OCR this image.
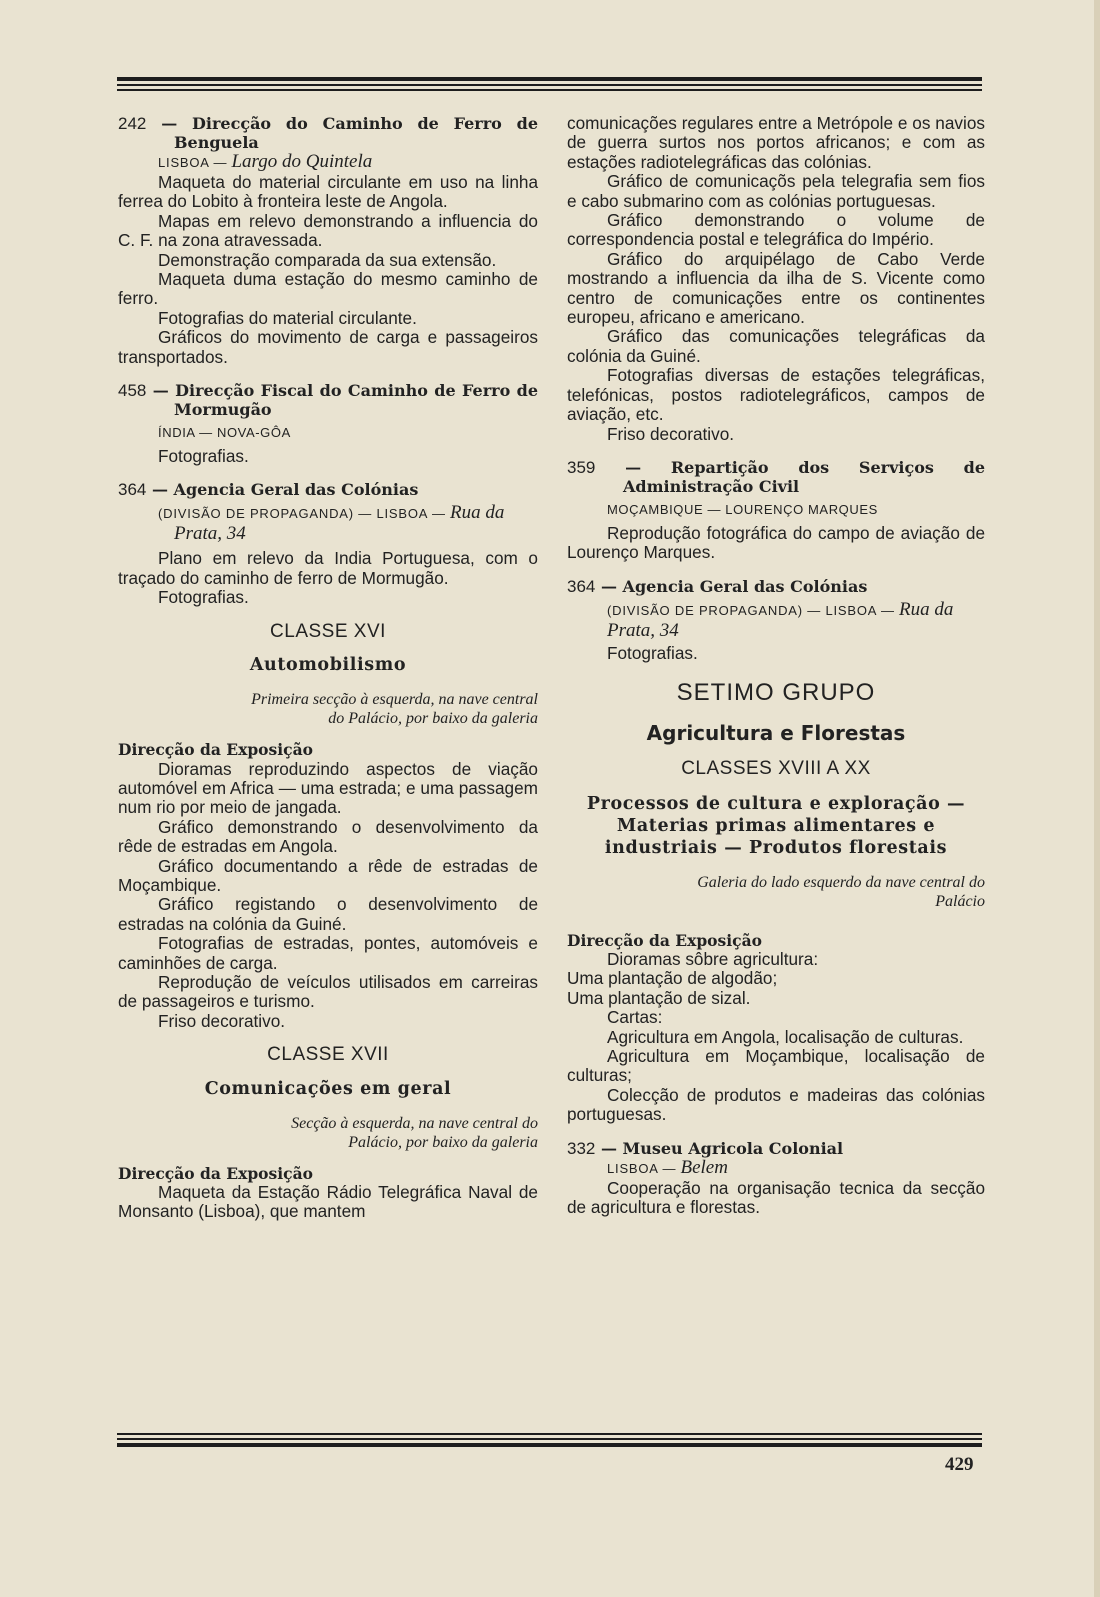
242 — Direcção do Caminho de Ferro de Benguela

LISBOA — Largo do Quintela

Maqueta do material circulante em uso na linha ferrea do Lobito à fronteira leste de Angola.

Mapas em relevo demonstrando a influencia do C. F. na zona atravessada.

Demonstração comparada da sua extensão.

Maqueta duma estação do mesmo caminho de ferro.

Fotografias do material circulante.

Gráficos do movimento de carga e passageiros transportados.

458 — Direcção Fiscal do Caminho de Ferro de Mormugão

ÍNDIA — NOVA-GÔA

Fotografias.

364 — Agencia Geral das Colónias

(DIVISÃO DE PROPAGANDA) — LISBOA — Rua da Prata, 34

Plano em relevo da India Portuguesa, com o traçado do caminho de ferro de Mormugão.

Fotografias.

CLASSE XVI

Automobilismo

Primeira secção à esquerda, na nave central do Palácio, por baixo da galeria

Direcção da Exposição

Dioramas reproduzindo aspectos de viação automóvel em Africa — uma estrada; e uma passagem num rio por meio de jangada.

Gráfico demonstrando o desenvolvimento da rêde de estradas em Angola.

Gráfico documentando a rêde de estradas de Moçambique.

Gráfico registando o desenvolvimento de estradas na colónia da Guiné.

Fotografias de estradas, pontes, automóveis e caminhões de carga.

Reprodução de veículos utilisados em carreiras de passageiros e turismo.

Friso decorativo.

CLASSE XVII

Comunicações em geral

Secção à esquerda, na nave central do Palácio, por baixo da galeria

Direcção da Exposição

Maqueta da Estação Rádio Telegráfica Naval de Monsanto (Lisboa), que mantem

comunicações regulares entre a Metrópole e os navios de guerra surtos nos portos africanos; e com as estações radiotelegráficas das colónias.

Gráfico de comunicaçõs pela telegrafia sem fios e cabo submarino com as colónias portuguesas.

Gráfico demonstrando o volume de correspondencia postal e telegráfica do Império.

Gráfico do arquipélago de Cabo Verde mostrando a influencia da ilha de S. Vicente como centro de comunicações entre os continentes europeu, africano e americano.

Gráfico das comunicações telegráficas da colónia da Guiné.

Fotografias diversas de estações telegráficas, telefónicas, postos radiotelegráficos, campos de aviação, etc.

Friso decorativo.

359 — Repartição dos Serviços de Administração Civil

MOÇAMBIQUE — LOURENÇO MARQUES

Reprodução fotográfica do campo de aviação de Lourenço Marques.

364 — Agencia Geral das Colónias

(DIVISÃO DE PROPAGANDA) — LISBOA — Rua da Prata, 34

Fotografias.

SETIMO GRUPO

Agricultura e Florestas

CLASSES XVIII A XX

Processos de cultura e exploração — Materias primas alimentares e industriais — Produtos florestais

Galeria do lado esquerdo da nave central do Palácio

Direcção da Exposição

Dioramas sôbre agricultura:

Uma plantação de algodão;

Uma plantação de sizal.

Cartas:

Agricultura em Angola, localisação de culturas.

Agricultura em Moçambique, localisação de culturas;

Colecção de produtos e madeiras das colónias portuguesas.

332 — Museu Agricola Colonial

LISBOA — Belem

Cooperação na organisação tecnica da secção de agricultura e florestas.

429
